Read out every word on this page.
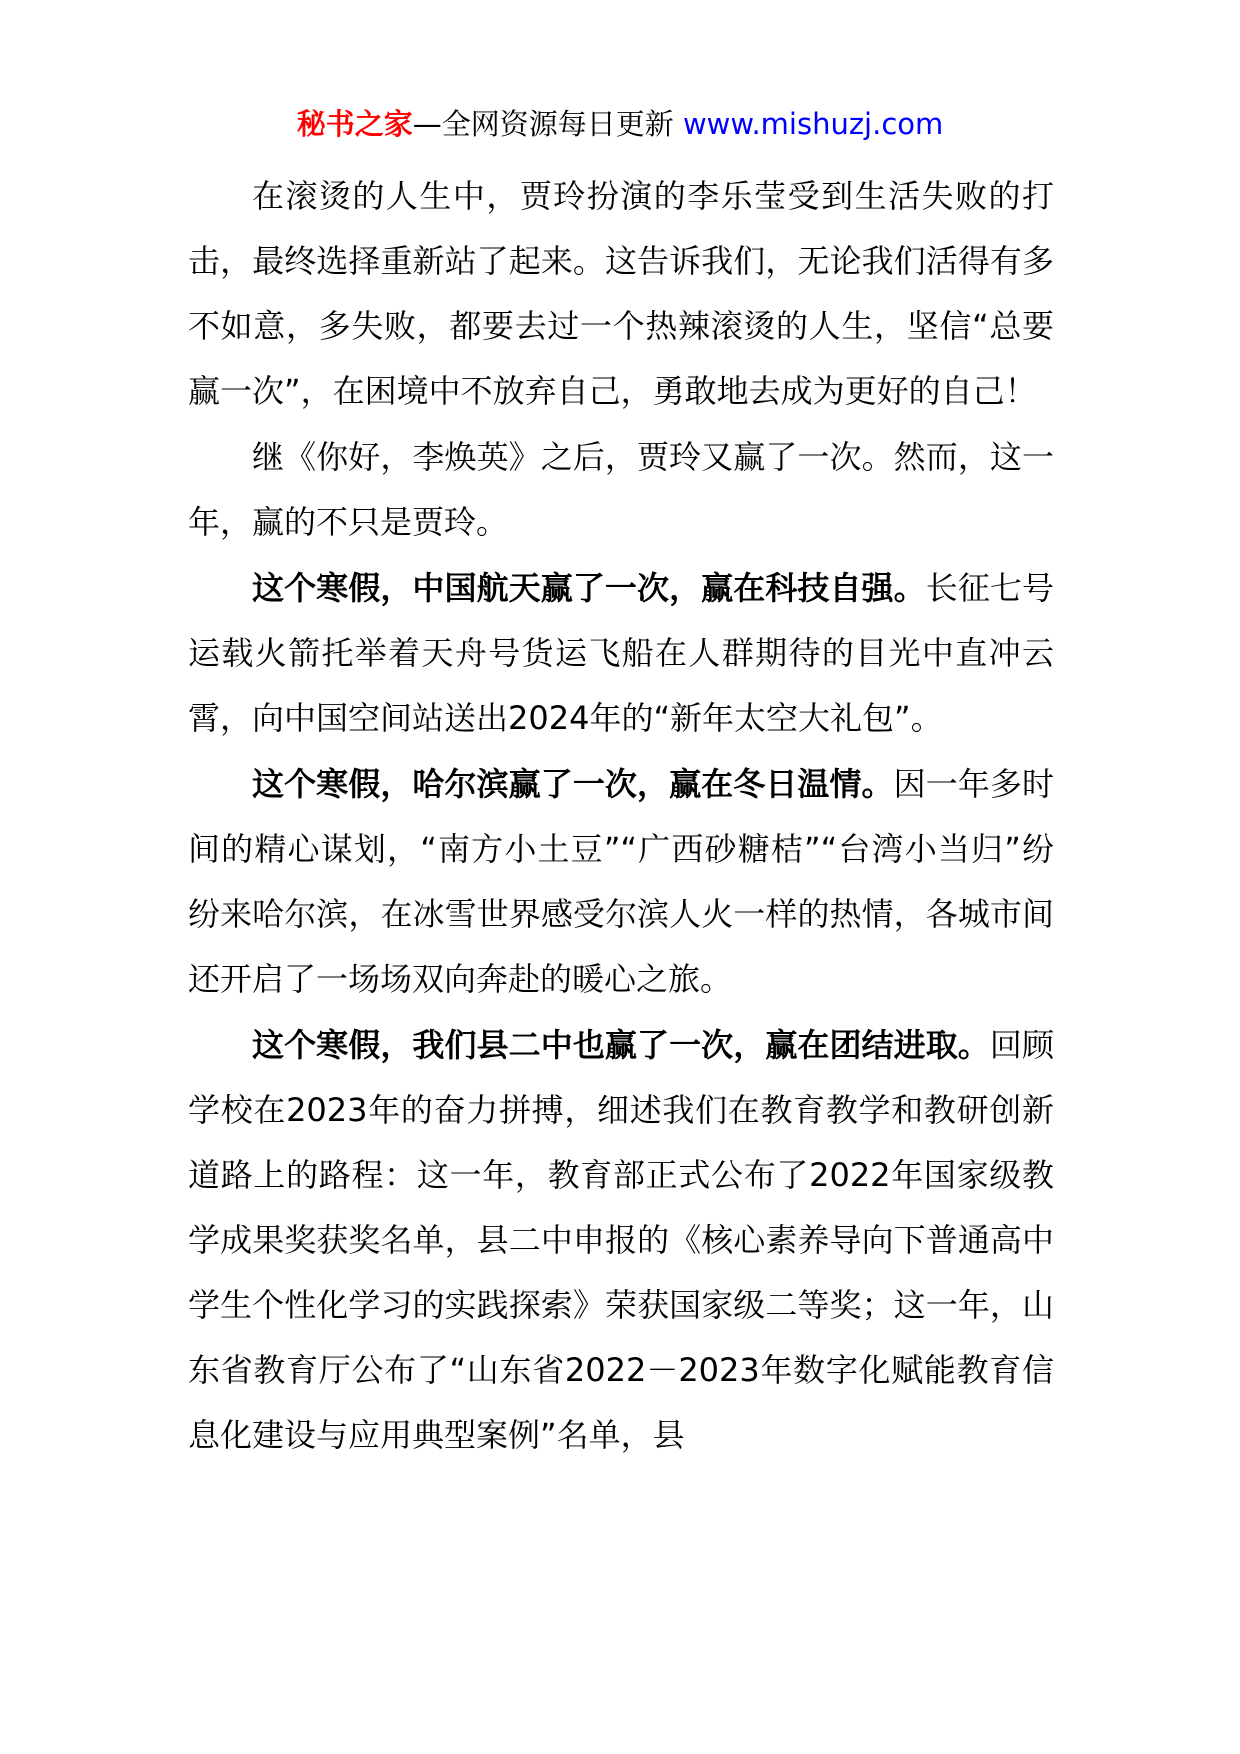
秘书之家—全网资源每日更新 www.mishuzj.com

在滚烫的人生中，贾玲扮演的李乐莹受到生活失败的打击，最终选择重新站了起来。这告诉我们，无论我们活得有多不如意，多失败，都要去过一个热辣滚烫的人生，坚信“总要赢一次”，在困境中不放弃自己，勇敢地去成为更好的自己！

继《你好，李焕英》之后，贾玲又赢了一次。然而，这一年，赢的不只是贾玲。

这个寒假，中国航天赢了一次，赢在科技自强。长征七号运载火箭托举着天舟号货运飞船在人群期待的目光中直冲云霄，向中国空间站送出2024年的“新年太空大礼包”。

这个寒假，哈尔滨赢了一次，赢在冬日温情。因一年多时间的精心谋划，“南方小土豆”“广西砂糖桔”“台湾小当归”纷纷来哈尔滨，在冰雪世界感受尔滨人火一样的热情，各城市间还开启了一场场双向奔赴的暖心之旅。

这个寒假，我们县二中也赢了一次，赢在团结进取。回顾学校在2023年的奋力拼搏，细述我们在教育教学和教研创新道路上的路程：这一年，教育部正式公布了2022年国家级教学成果奖获奖名单，县二中申报的《核心素养导向下普通高中学生个性化学习的实践探索》荣获国家级二等奖；这一年，山东省教育厅公布了“山东省2022－2023年数字化赋能教育信息化建设与应用典型案例”名单，县
